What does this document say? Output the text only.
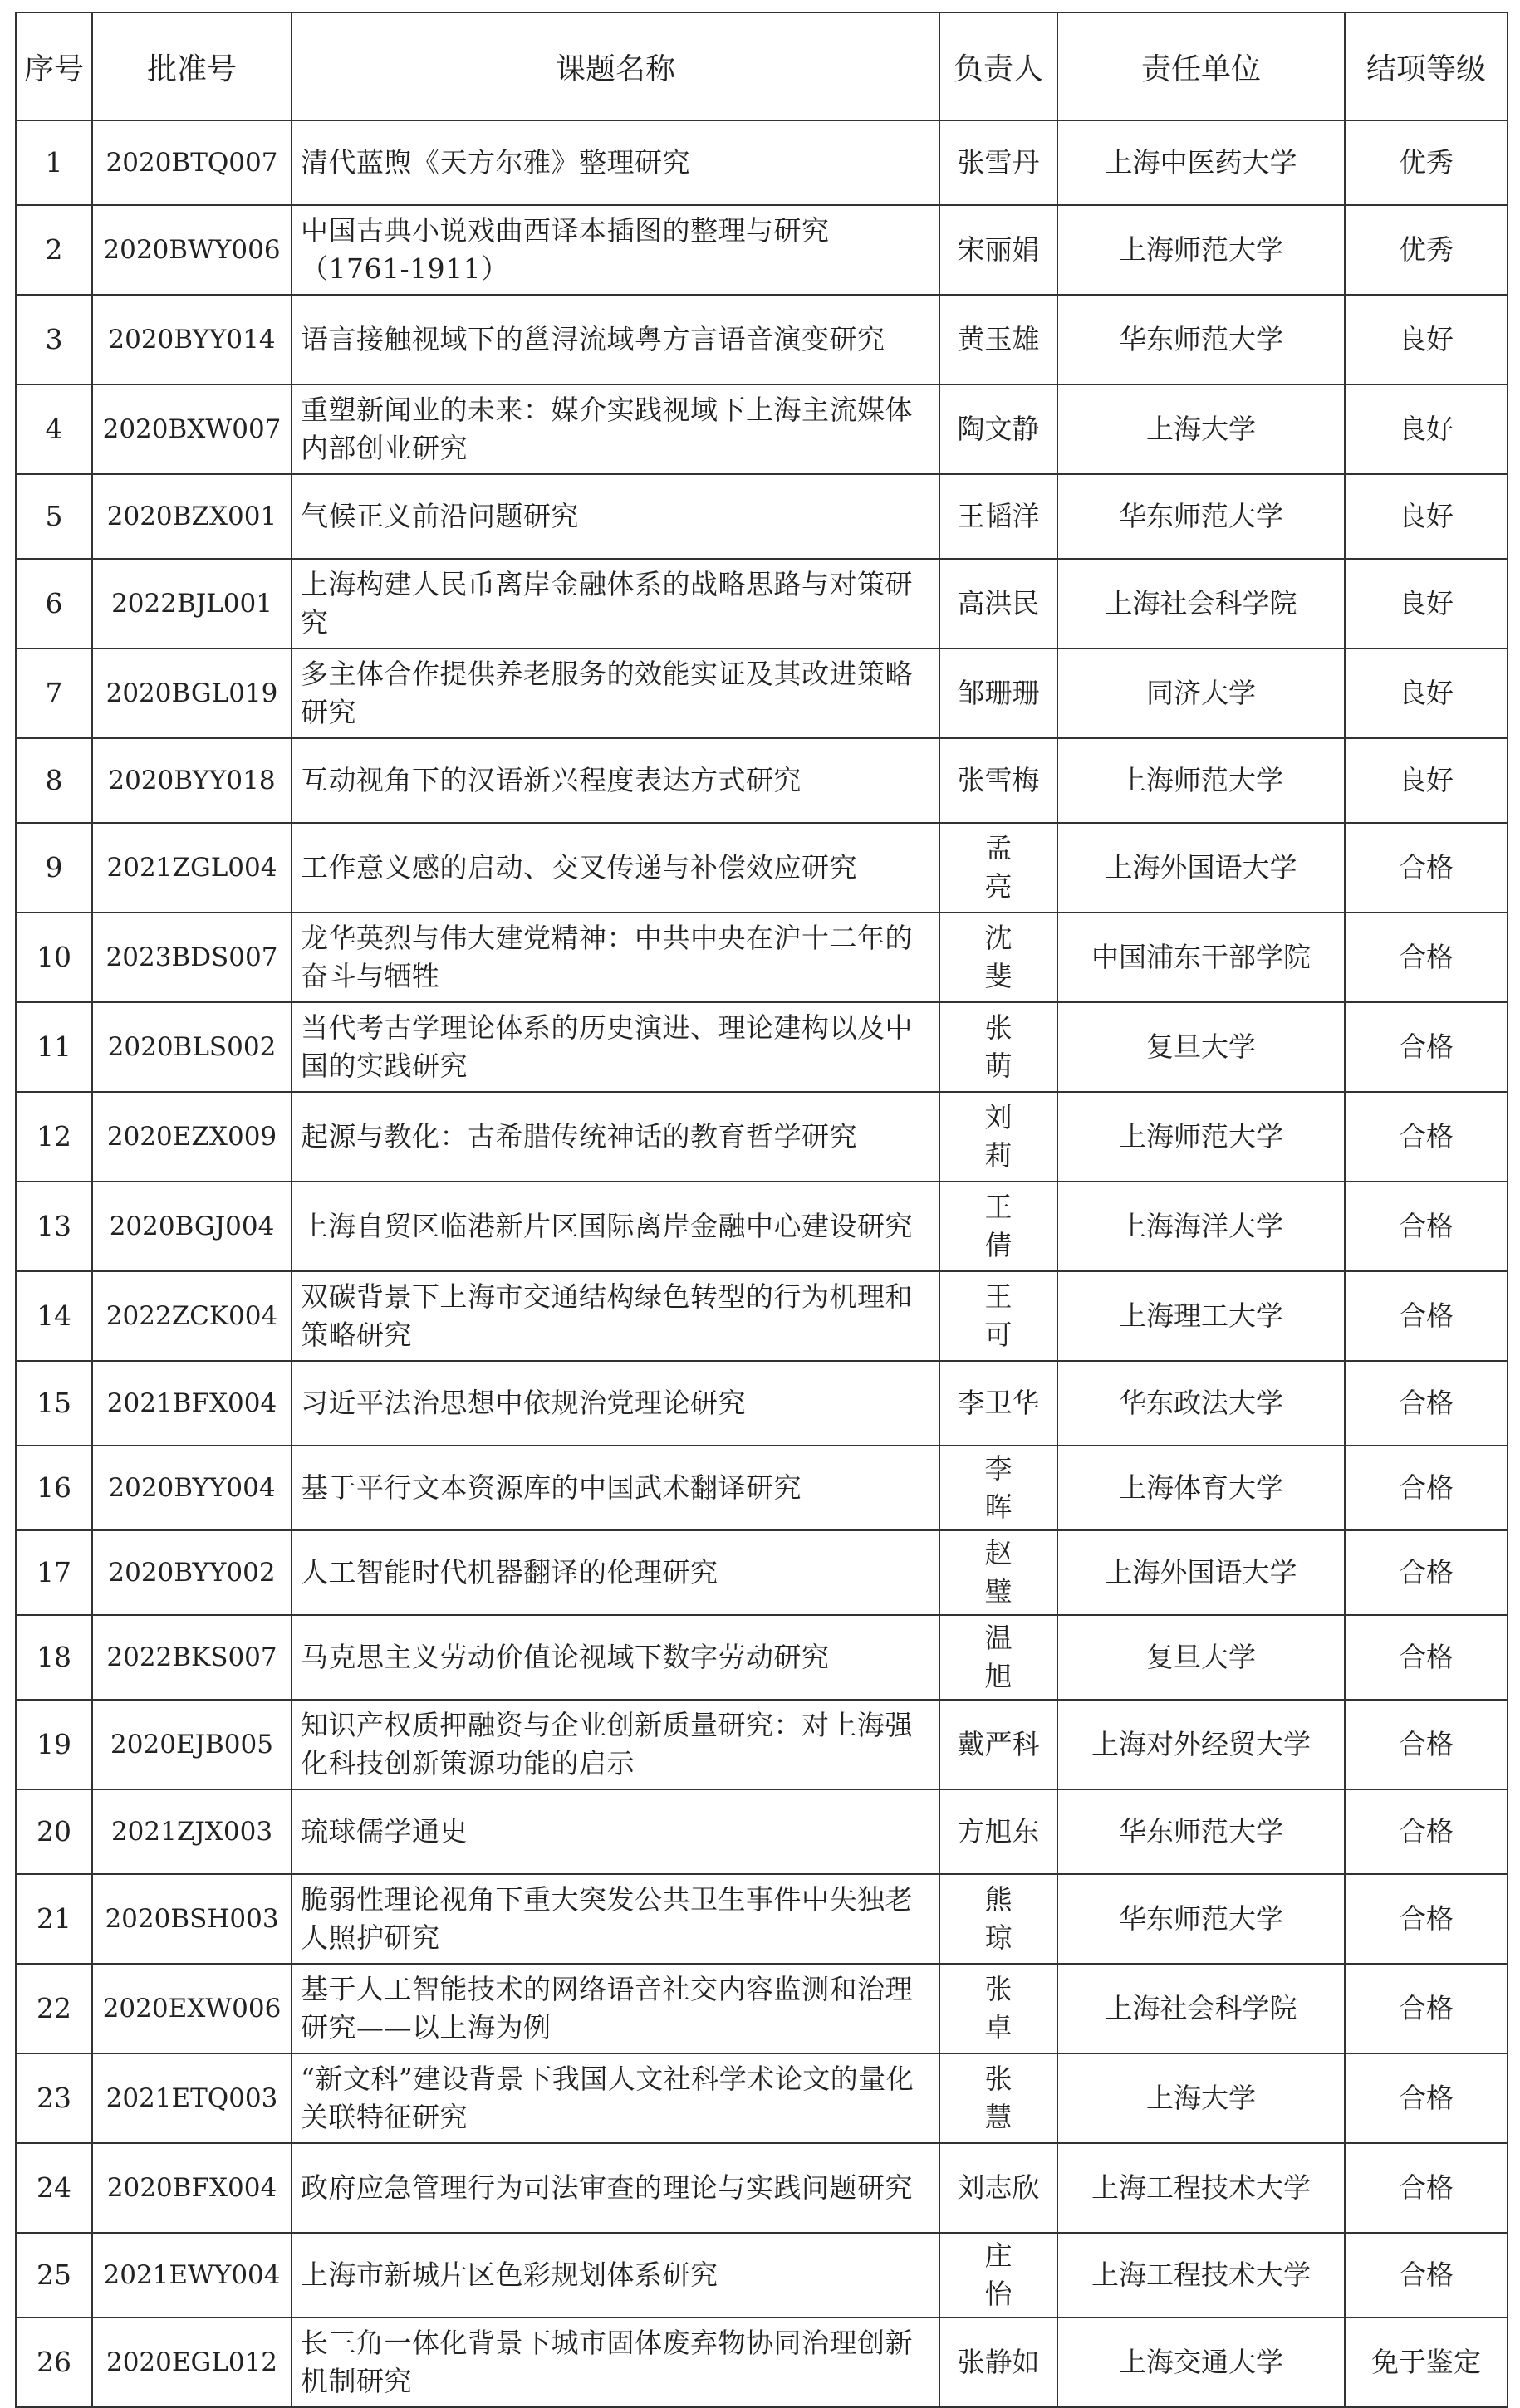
序号	批准号	课题名称	负责人	责任单位	结项等级
1	2020BTQ007	清代蓝煦《天方尔雅》整理研究	张雪丹	上海中医药大学	优秀
2	2020BWY006	中国古典小说戏曲西译本插图的整理与研究（1761-1911）	宋丽娟	上海师范大学	优秀
3	2020BYY014	语言接触视域下的邕浔流域粤方言语音演变研究	黄玉雄	华东师范大学	良好
4	2020BXW007	重塑新闻业的未来：媒介实践视域下上海主流媒体内部创业研究	陶文静	上海大学	良好
5	2020BZX001	气候正义前沿问题研究	王韬洋	华东师范大学	良好
6	2022BJL001	上海构建人民币离岸金融体系的战略思路与对策研究	高洪民	上海社会科学院	良好
7	2020BGL019	多主体合作提供养老服务的效能实证及其改进策略研究	邹珊珊	同济大学	良好
8	2020BYY018	互动视角下的汉语新兴程度表达方式研究	张雪梅	上海师范大学	良好
9	2021ZGL004	工作意义感的启动、交叉传递与补偿效应研究	孟 亮	上海外国语大学	合格
10	2023BDS007	龙华英烈与伟大建党精神：中共中央在沪十二年的奋斗与牺牲	沈 斐	中国浦东干部学院	合格
11	2020BLS002	当代考古学理论体系的历史演进、理论建构以及中国的实践研究	张 萌	复旦大学	合格
12	2020EZX009	起源与教化：古希腊传统神话的教育哲学研究	刘 莉	上海师范大学	合格
13	2020BGJ004	上海自贸区临港新片区国际离岸金融中心建设研究	王 倩	上海海洋大学	合格
14	2022ZCK004	双碳背景下上海市交通结构绿色转型的行为机理和策略研究	王 可	上海理工大学	合格
15	2021BFX004	习近平法治思想中依规治党理论研究	李卫华	华东政法大学	合格
16	2020BYY004	基于平行文本资源库的中国武术翻译研究	李 晖	上海体育大学	合格
17	2020BYY002	人工智能时代机器翻译的伦理研究	赵 璧	上海外国语大学	合格
18	2022BKS007	马克思主义劳动价值论视域下数字劳动研究	温 旭	复旦大学	合格
19	2020EJB005	知识产权质押融资与企业创新质量研究：对上海强化科技创新策源功能的启示	戴严科	上海对外经贸大学	合格
20	2021ZJX003	琉球儒学通史	方旭东	华东师范大学	合格
21	2020BSH003	脆弱性理论视角下重大突发公共卫生事件中失独老人照护研究	熊 琼	华东师范大学	合格
22	2020EXW006	基于人工智能技术的网络语音社交内容监测和治理研究——以上海为例	张 卓	上海社会科学院	合格
23	2021ETQ003	“新文科”建设背景下我国人文社科学术论文的量化关联特征研究	张 慧	上海大学	合格
24	2020BFX004	政府应急管理行为司法审查的理论与实践问题研究	刘志欣	上海工程技术大学	合格
25	2021EWY004	上海市新城片区色彩规划体系研究	庄 怡	上海工程技术大学	合格
26	2020EGL012	长三角一体化背景下城市固体废弃物协同治理创新机制研究	张静如	上海交通大学	免于鉴定
